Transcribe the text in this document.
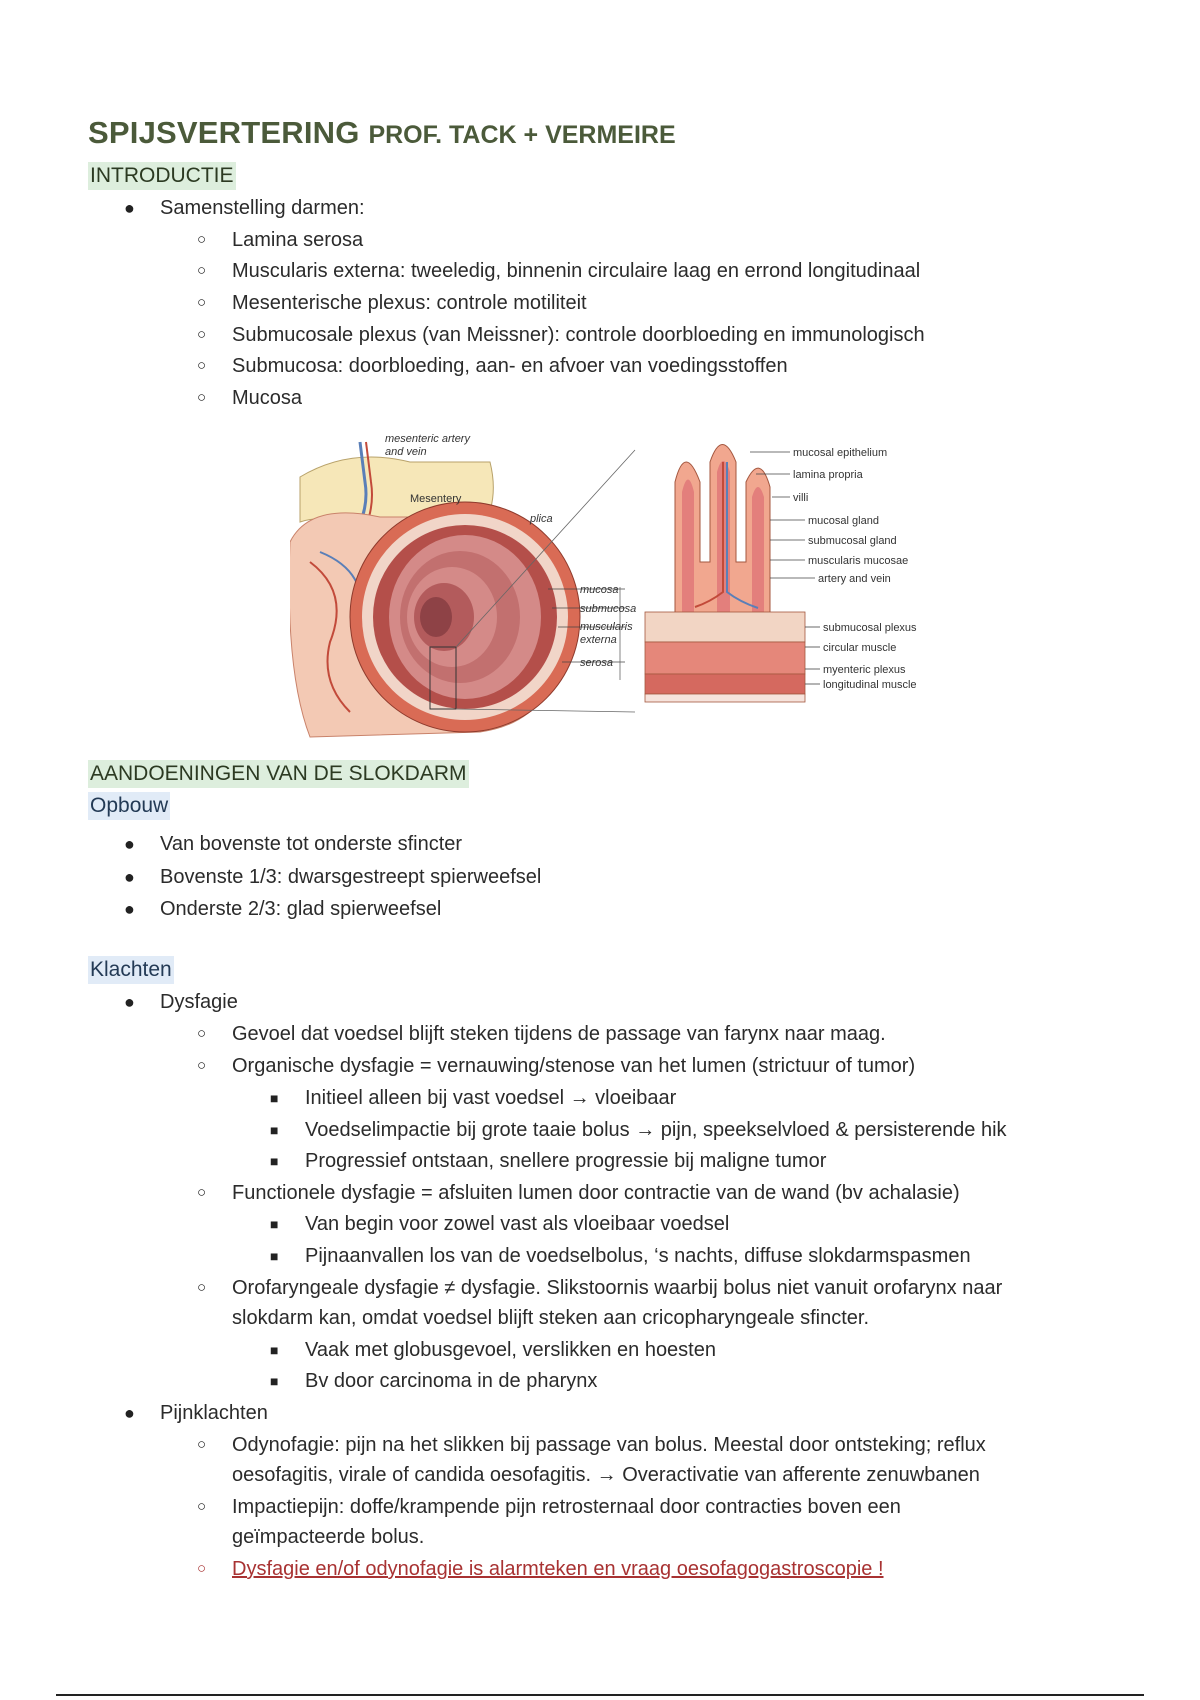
SPIJSVERTERING PROF. TACK + VERMEIRE
INTRODUCTIE
● Samenstelling darmen:
○ Lamina serosa
○ Muscularis externa: tweeledig, binnenin circulaire laag en errond longitudinaal
○ Mesenterische plexus: controle motiliteit
○ Submucosale plexus (van Meissner): controle doorbloeding en immunologisch
○ Submucosa: doorbloeding, aan- en afvoer van voedingsstoffen
○ Mucosa
mesenteric artery
and vein
Mesentery
plica
mucosa
submucosa
muscularis
externa
serosa
mucosal epithelium
lamina propria
villi
mucosal gland
submucosal gland
muscularis mucosae
artery and vein
submucosal plexus
circular muscle
myenteric plexus
longitudinal muscle
AANDOENINGEN VAN DE SLOKDARM
Opbouw
● Van bovenste tot onderste sfincter
● Bovenste 1/3: dwarsgestreept spierweefsel
● Onderste 2/3: glad spierweefsel
Klachten
● Dysfagie
○ Gevoel dat voedsel blijft steken tijdens de passage van farynx naar maag.
○ Organische dysfagie = vernauwing/stenose van het lumen (strictuur of tumor)
■ Initieel alleen bij vast voedsel → vloeibaar
■ Voedselimpactie bij grote taaie bolus → pijn, speekselvloed & persisterende hik
■ Progressief ontstaan, snellere progressie bij maligne tumor
○ Functionele dysfagie = afsluiten lumen door contractie van de wand (bv achalasie)
■ Van begin voor zowel vast als vloeibaar voedsel
■ Pijnaanvallen los van de voedselbolus, ‘s nachts, diffuse slokdarmspasmen
○ Orofaryngeale dysfagie ≠ dysfagie. Slikstoornis waarbij bolus niet vanuit orofarynx naar
slokdarm kan, omdat voedsel blijft steken aan cricopharyngeale sfincter.
■ Vaak met globusgevoel, verslikken en hoesten
■ Bv door carcinoma in de pharynx
● Pijnklachten
○ Odynofagie: pijn na het slikken bij passage van bolus. Meestal door ontsteking; reflux
oesofagitis, virale of candida oesofagitis. → Overactivatie van afferente zenuwbanen
○ Impactiepijn: doffe/krampende pijn retrosternaal door contracties boven een
geïmpacteerde bolus.
○ Dysfagie en/of odynofagie is alarmteken en vraag oesofagogastroscopie !
